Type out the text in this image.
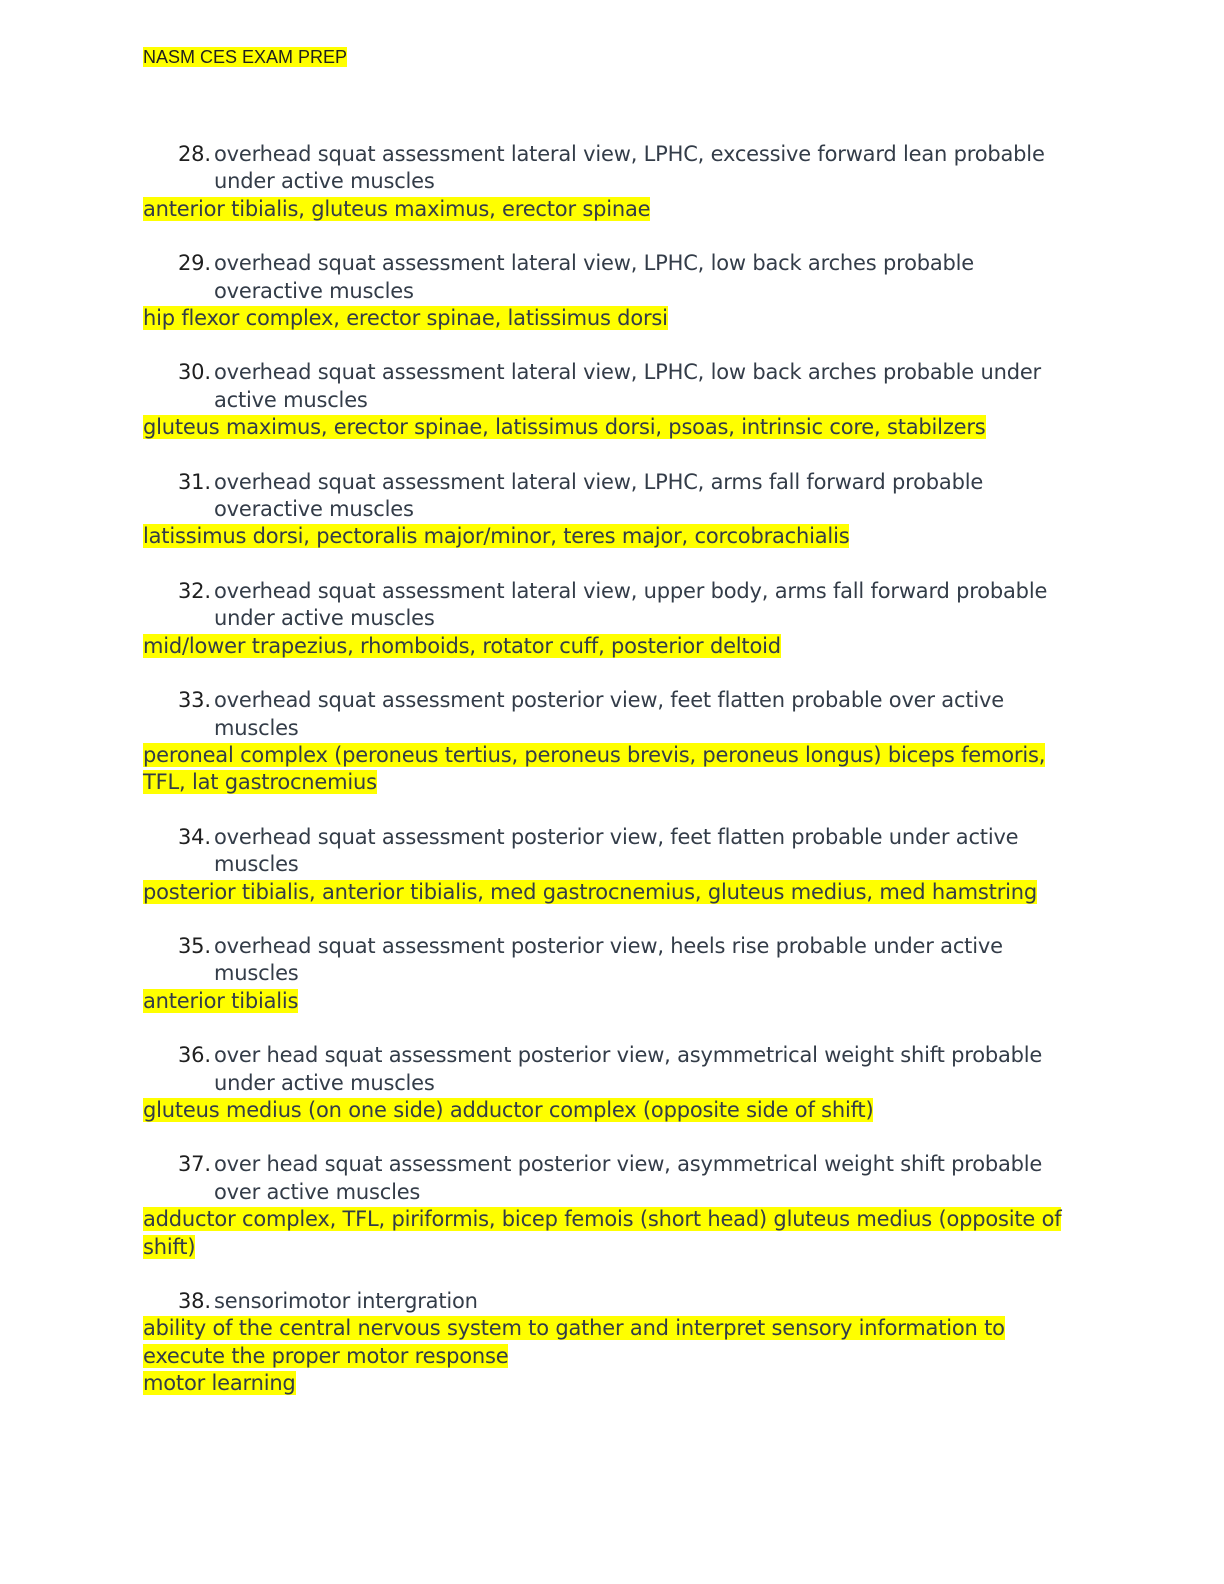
NASM CES EXAM PREP
28. overhead squat assessment lateral view, LPHC, excessive forward lean probable under active muscles
anterior tibialis, gluteus maximus, erector spinae
29. overhead squat assessment lateral view, LPHC, low back arches probable overactive muscles
hip flexor complex, erector spinae, latissimus dorsi
30. overhead squat assessment lateral view, LPHC, low back arches probable under active muscles
gluteus maximus, erector spinae, latissimus dorsi, psoas, intrinsic core, stabilzers
31. overhead squat assessment lateral view, LPHC, arms fall forward probable overactive muscles
latissimus dorsi, pectoralis major/minor, teres major, corcobrachialis
32. overhead squat assessment lateral view, upper body, arms fall forward probable under active muscles
mid/lower trapezius, rhomboids, rotator cuff, posterior deltoid
33. overhead squat assessment posterior view, feet flatten probable over active muscles
peroneal complex (peroneus tertius, peroneus brevis, peroneus longus) biceps femoris, TFL, lat gastrocnemius
34. overhead squat assessment posterior view, feet flatten probable under active muscles
posterior tibialis, anterior tibialis, med gastrocnemius, gluteus medius, med hamstring
35. overhead squat assessment posterior view, heels rise probable under active muscles
anterior tibialis
36. over head squat assessment posterior view, asymmetrical weight shift probable under active muscles
gluteus medius (on one side) adductor complex (opposite side of shift)
37. over head squat assessment posterior view, asymmetrical weight shift probable over active muscles
adductor complex, TFL, piriformis, bicep femois (short head) gluteus medius (opposite of shift)
38. sensorimotor intergration
ability of the central nervous system to gather and interpret sensory information to execute the proper motor response
motor learning
